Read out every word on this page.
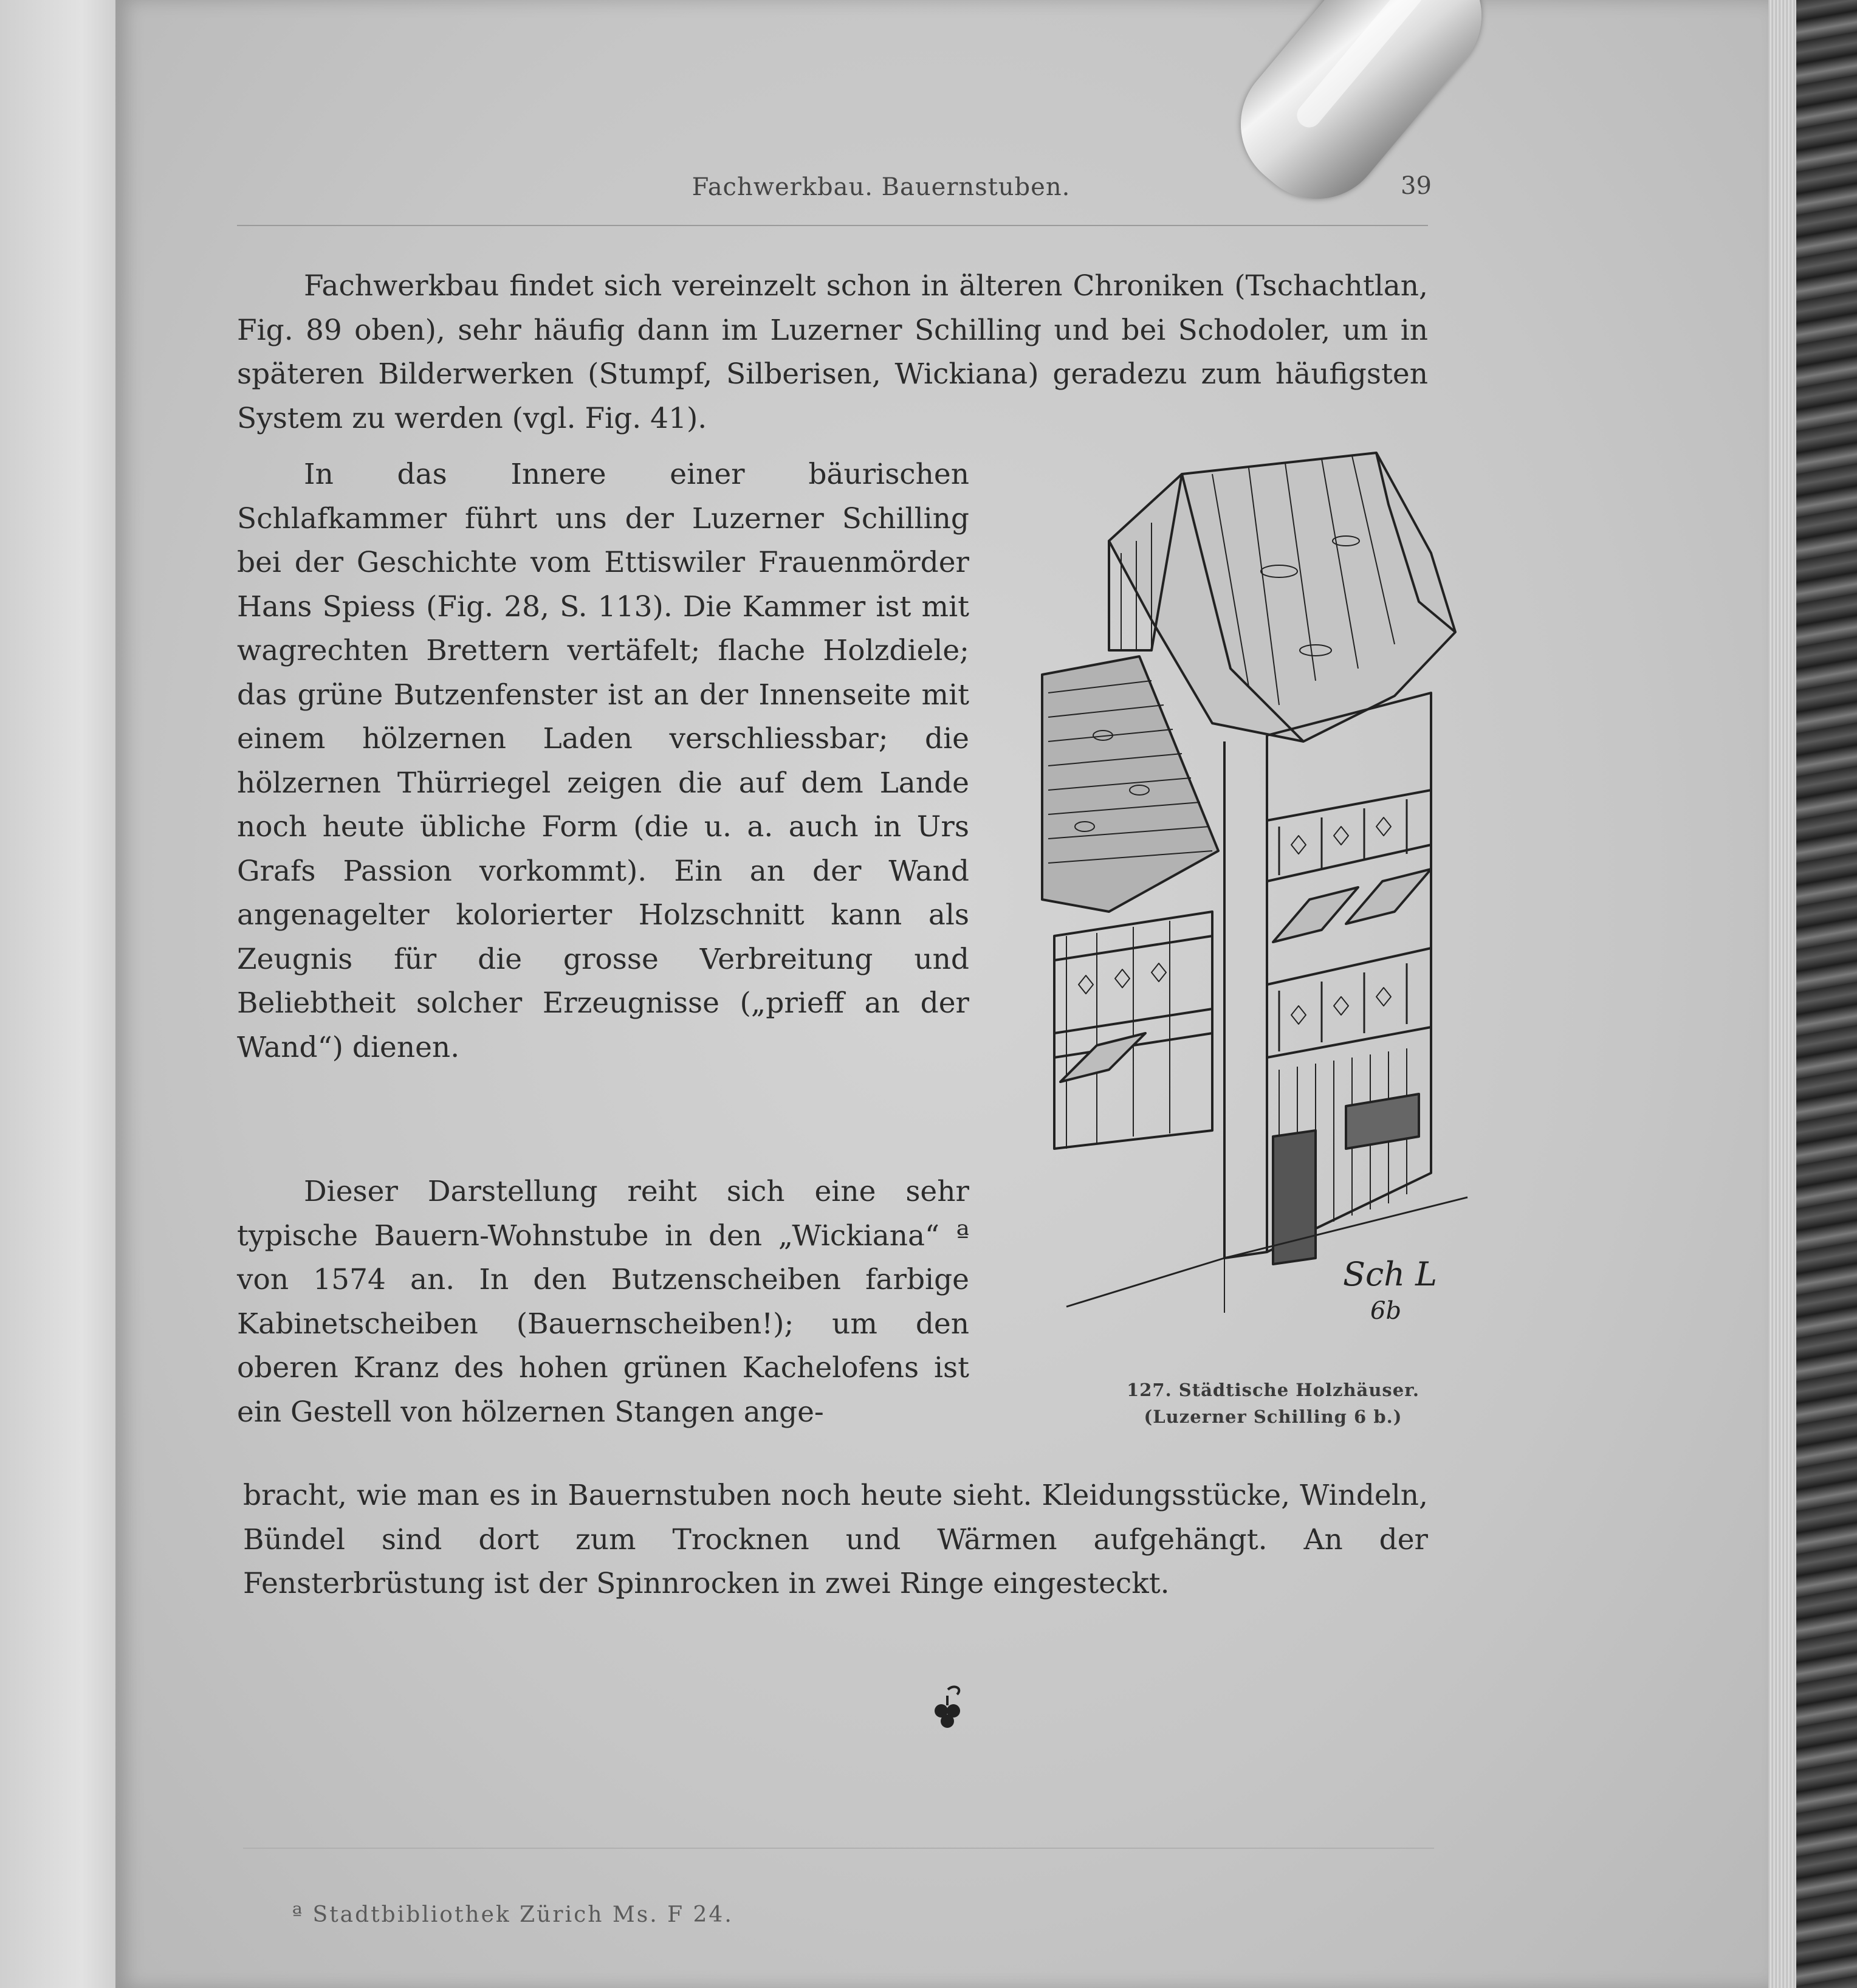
Fachwerkbau. Bauernstuben.	39

Fachwerkbau findet sich vereinzelt schon in älteren Chroniken (Tschachtlan, Fig. 89 oben), sehr häufig dann im Luzerner Schilling und bei Schodoler, um in späteren Bilderwerken (Stumpf, Silberisen, Wickiana) geradezu zum häufigsten System zu werden (vgl. Fig. 41).

In das Innere einer bäurischen Schlafkammer führt uns der Luzerner Schilling bei der Geschichte vom Ettiswiler Frauenmörder Hans Spiess (Fig. 28, S. 113). Die Kammer ist mit wagrechten Brettern vertäfelt; flache Holzdiele; das grüne Butzenfenster ist an der Innenseite mit einem hölzernen Laden verschliessbar; die hölzernen Thürriegel zeigen die auf dem Lande noch heute übliche Form (die u. a. auch in Urs Grafs Passion vorkommt). Ein an der Wand angenagelter kolorierter Holzschnitt kann als Zeugnis für die grosse Verbreitung und Beliebtheit solcher Erzeugnisse („prieff an der Wand“) dienen.

Dieser Darstellung reiht sich eine sehr typische Bauern-Wohnstube in den „Wickiana“ ª von 1574 an. In den Butzenscheiben farbige Kabinetscheiben (Bauernscheiben!); um den oberen Kranz des hohen grünen Kachelofens ist ein Gestell von hölzernen Stangen ange-

bracht, wie man es in Bauernstuben noch heute sieht. Kleidungsstücke, Windeln, Bündel sind dort zum Trocknen und Wärmen aufgehängt. An der Fensterbrüstung ist der Spinnrocken in zwei Ringe eingesteckt.

Sch L
6b
127. Städtische Holzhäuser.
(Luzerner Schilling 6 b.)
ª Stadtbibliothek Zürich Ms. F 24.
